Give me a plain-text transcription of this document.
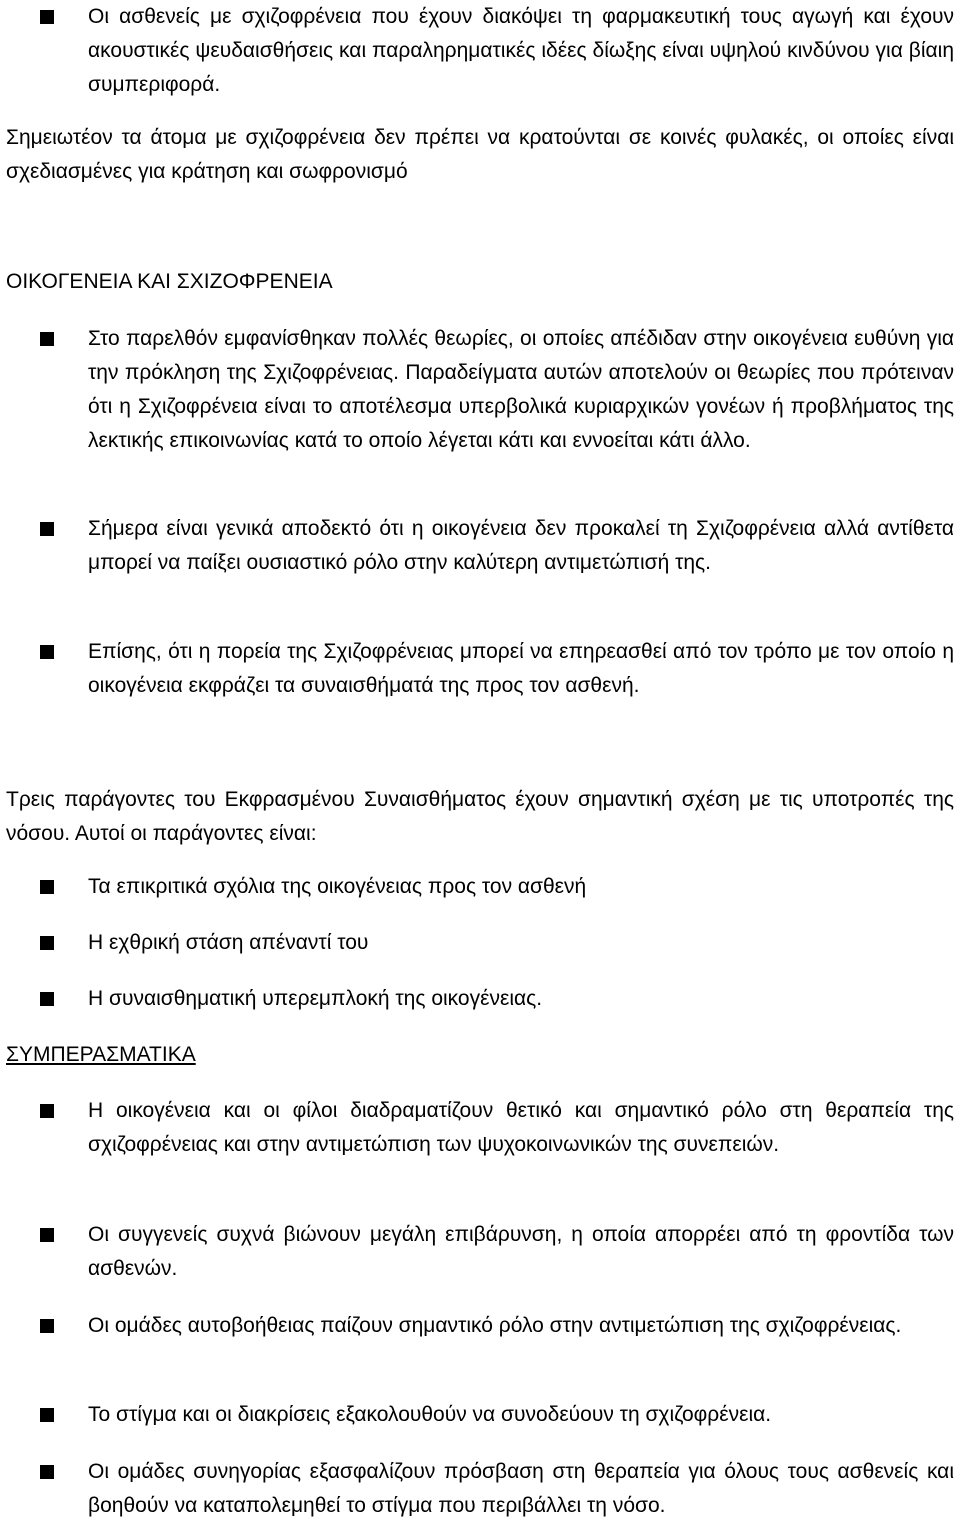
Οι ασθενείς με σχιζοφρένεια που έχουν διακόψει τη φαρμακευτική τους αγωγή και έχουν ακουστικές ψευδαισθήσεις και παραληρηματικές ιδέες δίωξης είναι υψηλού κινδύνου για βίαιη συμπεριφορά.
Σημειωτέον τα άτομα με σχιζοφρένεια δεν πρέπει να κρατούνται σε κοινές φυλακές, οι οποίες είναι σχεδιασμένες για κράτηση και σωφρονισμό
ΟΙΚΟΓΕΝΕΙΑ ΚΑΙ ΣΧΙΖΟΦΡΕΝΕΙΑ
Στο παρελθόν εμφανίσθηκαν πολλές θεωρίες, οι οποίες απέδιδαν στην οικογένεια ευθύνη για την πρόκληση της Σχιζοφρένειας. Παραδείγματα αυτών αποτελούν οι θεωρίες που πρότειναν ότι η Σχιζοφρένεια είναι το αποτέλεσμα υπερβολικά κυριαρχικών γονέων ή προβλήματος της λεκτικής επικοινωνίας κατά το οποίο λέγεται κάτι και εννοείται κάτι άλλο.
Σήμερα είναι γενικά αποδεκτό ότι η οικογένεια δεν προκαλεί τη Σχιζοφρένεια αλλά αντίθετα μπορεί να παίξει ουσιαστικό ρόλο στην καλύτερη αντιμετώπισή της.
Επίσης, ότι η πορεία της Σχιζοφρένειας μπορεί να επηρεασθεί από τον τρόπο με τον οποίο η οικογένεια εκφράζει τα συναισθήματά της προς τον ασθενή.
Τρεις παράγοντες του Εκφρασμένου Συναισθήματος έχουν σημαντική σχέση με τις υποτροπές της νόσου. Αυτοί οι παράγοντες είναι:
Τα επικριτικά σχόλια της οικογένειας προς τον ασθενή
Η εχθρική στάση απέναντί του
Η συναισθηματική υπερεμπλοκή της οικογένειας.
ΣΥΜΠΕΡΑΣΜΑΤΙΚΑ
Η οικογένεια και οι φίλοι διαδραματίζουν θετικό και σημαντικό ρόλο στη θεραπεία της σχιζοφρένειας και στην αντιμετώπιση των ψυχοκοινωνικών της συνεπειών.
Οι συγγενείς συχνά βιώνουν μεγάλη επιβάρυνση, η οποία απορρέει από τη φροντίδα των ασθενών.
Οι ομάδες αυτοβοήθειας παίζουν σημαντικό ρόλο στην αντιμετώπιση της σχιζοφρένειας.
Το στίγμα και οι διακρίσεις εξακολουθούν να συνοδεύουν τη σχιζοφρένεια.
Οι ομάδες συνηγορίας εξασφαλίζουν πρόσβαση στη θεραπεία για όλους τους ασθενείς και βοηθούν να καταπολεμηθεί το στίγμα που περιβάλλει τη νόσο.
